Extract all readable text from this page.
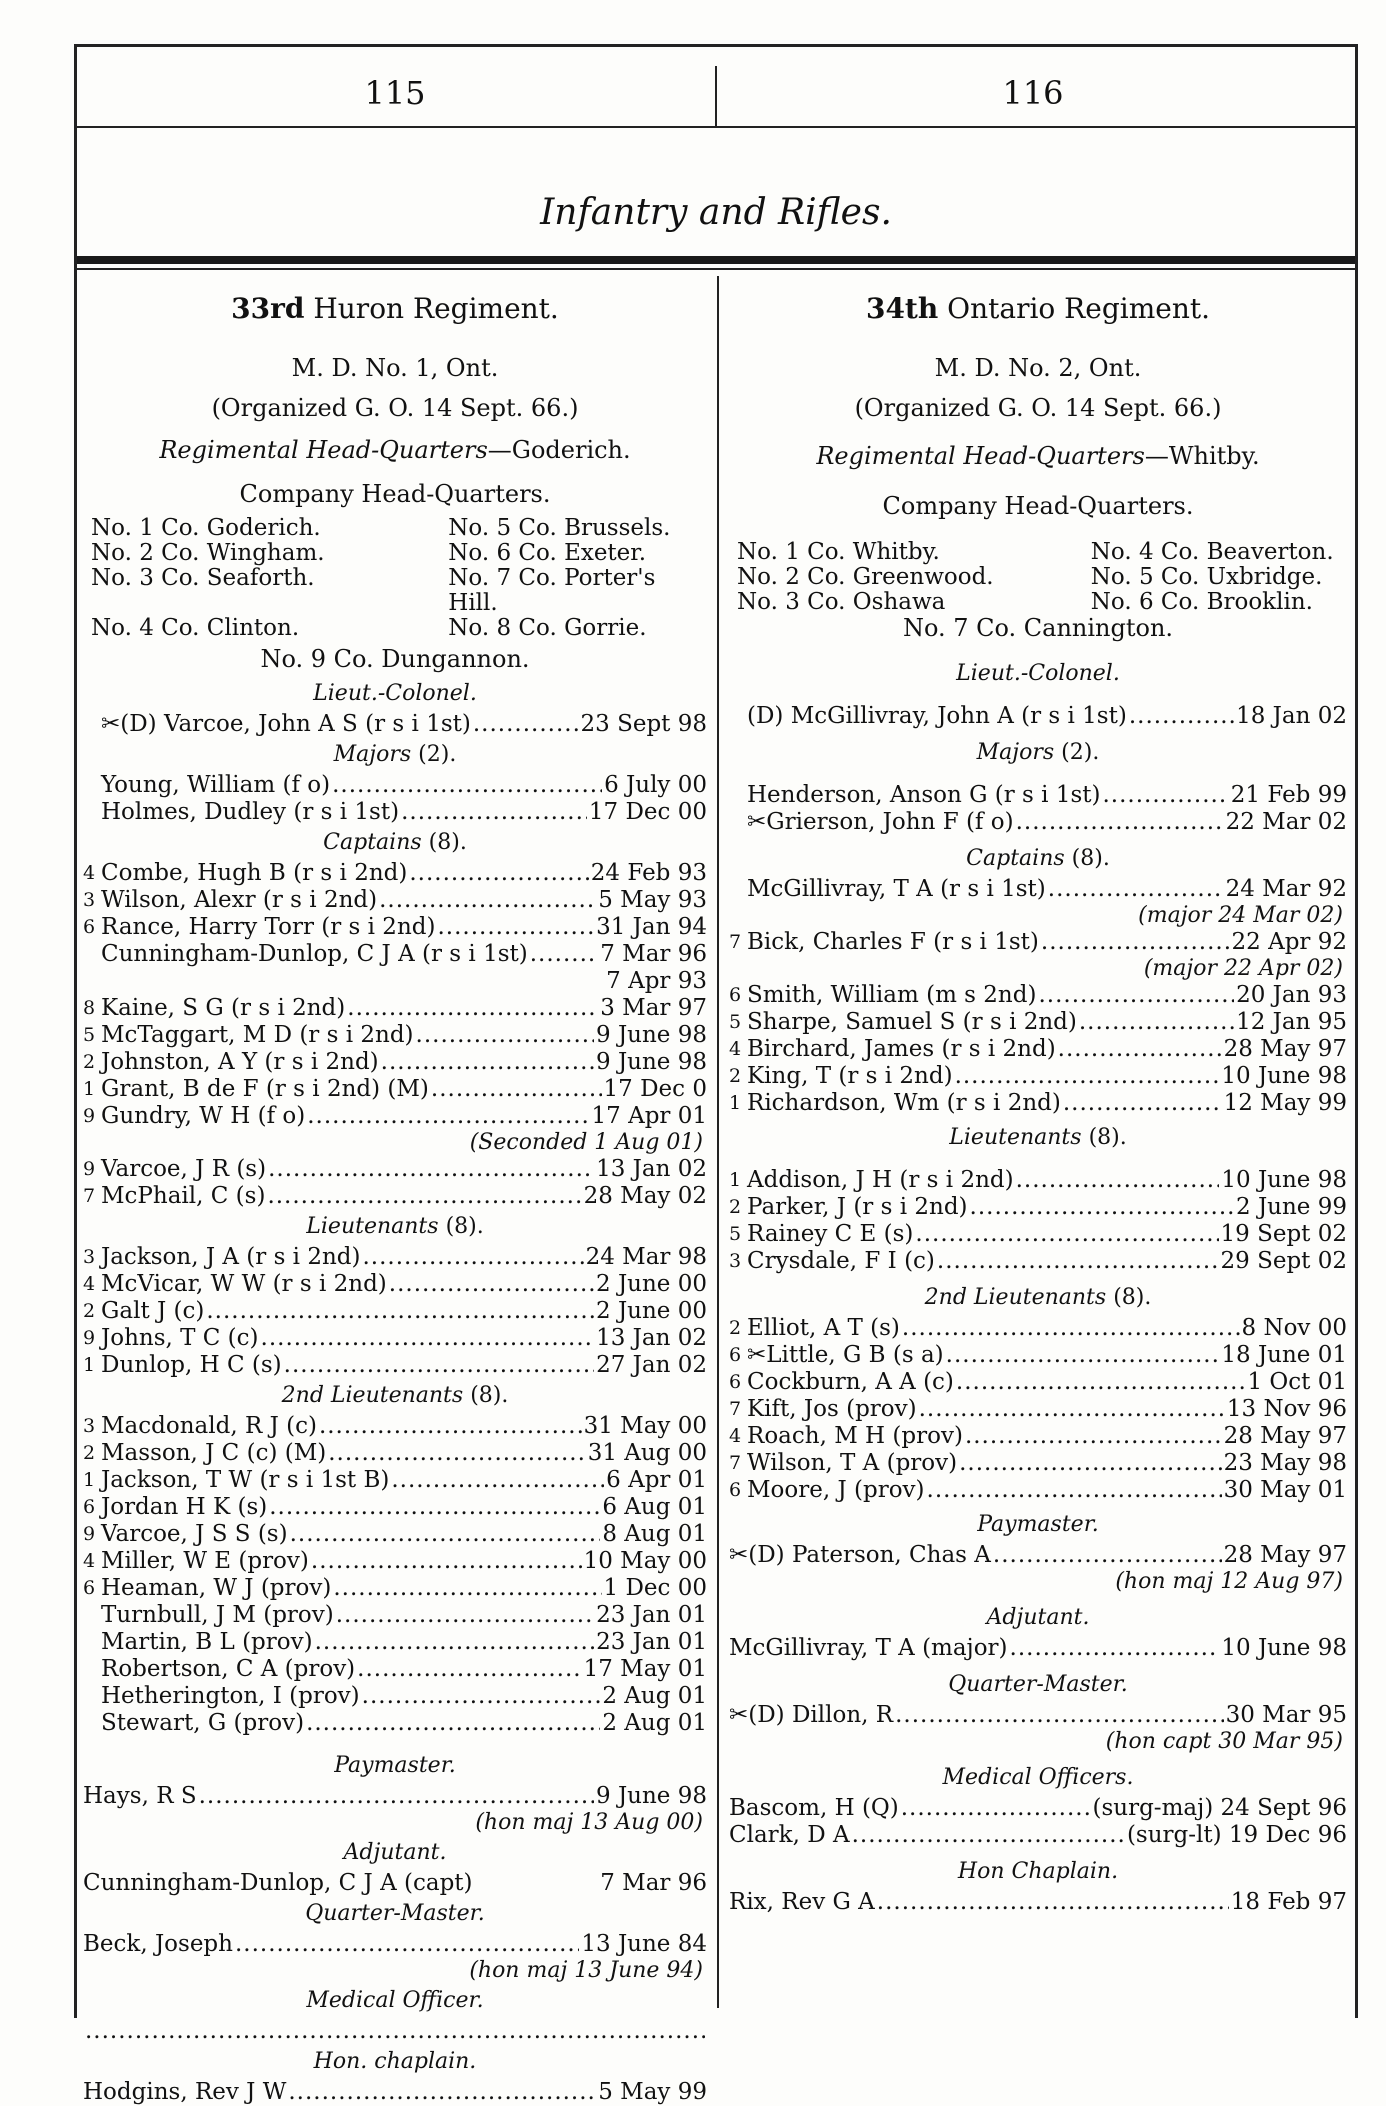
115	116
Infantry and Rifles.
33rd Huron Regiment.
M. D. No. 1, Ont.
(Organized G. O. 14 Sept. 66.)
Regimental Head-Quarters—Goderich.
Company Head-Quarters.
No. 1 Co. Goderich.	No. 5 Co. Brussels.
No. 2 Co. Wingham.	No. 6 Co. Exeter.
No. 3 Co. Seaforth.	No. 7 Co. Porter's Hill.
No. 4 Co. Clinton.	No. 8 Co. Gorrie.
No. 9 Co. Dungannon.
Lieut.-Colonel.
✂(D) Varcoe, John A S (r s i 1st) .....	23 Sept 98
Majors (2).
Young, William (f o) .....	6 July 00
Holmes, Dudley (r s i 1st) .....	17 Dec 00
Captains (8).
4 Combe, Hugh B (r s i 2nd) .....	24 Feb 93
3 Wilson, Alexr (r s i 2nd) .....	5 May 93
6 Rance, Harry Torr (r s i 2nd) .....	31 Jan 94
Cunningham-Dunlop, C J A (r s i 1st) .....	7 Mar 96
7 Apr 93
8 Kaine, S G (r s i 2nd) .....	3 Mar 97
5 McTaggart, M D (r s i 2nd) .....	9 June 98
2 Johnston, A Y (r s i 2nd) .....	9 June 98
1 Grant, B de F (r s i 2nd) (M) .....	17 Dec 0
9 Gundry, W H (f o) .....	17 Apr 01
(Seconded 1 Aug 01)
9 Varcoe, J R (s) .....	13 Jan 02
7 McPhail, C (s) .....	28 May 02
Lieutenants (8).
3 Jackson, J A (r s i 2nd) .....	24 Mar 98
4 McVicar, W W (r s i 2nd) .....	2 June 00
2 Galt J (c) .....	2 June 00
9 Johns, T C (c) .....	13 Jan 02
1 Dunlop, H C (s) .....	27 Jan 02
2nd Lieutenants (8).
3 Macdonald, R J (c) .....	31 May 00
2 Masson, J C (c) (M) .....	31 Aug 00
1 Jackson, T W (r s i 1st B) .....	6 Apr 01
6 Jordan H K (s) .....	6 Aug 01
9 Varcoe, J S S (s) .....	8 Aug 01
4 Miller, W E (prov) .....	10 May 00
6 Heaman, W J (prov) .....	1 Dec 00
Turnbull, J M (prov) .....	23 Jan 01
Martin, B L (prov) .....	23 Jan 01
Robertson, C A (prov) .....	17 May 01
Hetherington, I (prov) .....	2 Aug 01
Stewart, G (prov) .....	2 Aug 01
Paymaster.
Hays, R S .....	9 June 98
(hon maj 13 Aug 00)
Adjutant.
Cunningham-Dunlop, C J A (capt)	7 Mar 96
Quarter-Master.
Beck, Joseph .....	13 June 84
(hon maj 13 June 94)
Medical Officer.
.....
Hon. chaplain.
Hodgins, Rev J W .....	5 May 99
34th Ontario Regiment.
M. D. No. 2, Ont.
(Organized G. O. 14 Sept. 66.)
Regimental Head-Quarters—Whitby.
Company Head-Quarters.
No. 1 Co. Whitby.	No. 4 Co. Beaverton.
No. 2 Co. Greenwood.	No. 5 Co. Uxbridge.
No. 3 Co. Oshawa	No. 6 Co. Brooklin.
No. 7 Co. Cannington.
Lieut.-Colonel.
(D) McGillivray, John A (r s i 1st) .....	18 Jan 02
Majors (2).
Henderson, Anson G (r s i 1st) .....	21 Feb 99
✂Grierson, John F (f o) .....	22 Mar 02
Captains (8).
McGillivray, T A (r s i 1st) .....	24 Mar 92
(major 24 Mar 02)
7 Bick, Charles F (r s i 1st) .....	22 Apr 92
(major 22 Apr 02)
6 Smith, William (m s 2nd) .....	20 Jan 93
5 Sharpe, Samuel S (r s i 2nd) .....	12 Jan 95
4 Birchard, James (r s i 2nd) .....	28 May 97
2 King, T (r s i 2nd) .....	10 June 98
1 Richardson, Wm (r s i 2nd) .....	12 May 99
Lieutenants (8).
1 Addison, J H (r s i 2nd) .....	10 June 98
2 Parker, J (r s i 2nd) .....	2 June 99
5 Rainey C E (s) .....	19 Sept 02
3 Crysdale, F I (c) .....	29 Sept 02
2nd Lieutenants (8).
2 Elliot, A T (s) .....	8 Nov 00
6 ✂Little, G B (s a) .....	18 June 01
6 Cockburn, A A (c) .....	1 Oct 01
7 Kift, Jos (prov) .....	13 Nov 96
4 Roach, M H (prov) .....	28 May 97
7 Wilson, T A (prov) .....	23 May 98
6 Moore, J (prov) .....	30 May 01
Paymaster.
✂(D) Paterson, Chas A .....	28 May 97
(hon maj 12 Aug 97)
Adjutant.
McGillivray, T A (major) .....	10 June 98
Quarter-Master.
✂(D) Dillon, R .....	30 Mar 95
(hon capt 30 Mar 95)
Medical Officers.
Bascom, H (Q) .....	(surg-maj) 24 Sept 96
Clark, D A .....	(surg-lt) 19 Dec 96
Hon Chaplain.
Rix, Rev G A .....	18 Feb 97
